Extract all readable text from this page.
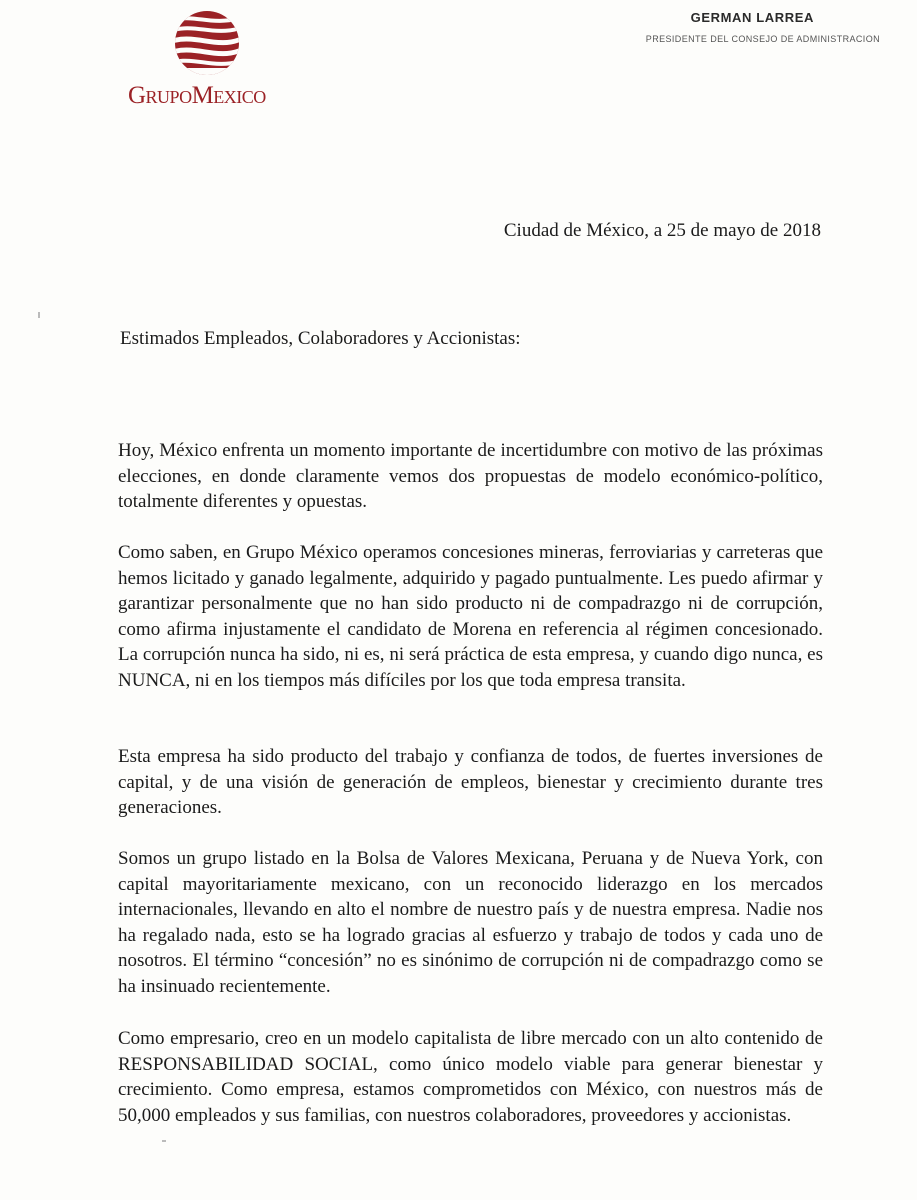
GrupoMexico
GERMAN LARREA
PRESIDENTE DEL CONSEJO DE ADMINISTRACION
Ciudad de México, a 25 de mayo de 2018
Estimados Empleados, Colaboradores y Accionistas:

Hoy, México enfrenta un momento importante de incertidumbre con motivo de las próximas elecciones, en donde claramente vemos dos propuestas de modelo económico-político, totalmente diferentes y opuestas.

Como saben, en Grupo México operamos concesiones mineras, ferroviarias y carreteras que hemos licitado y ganado legalmente, adquirido y pagado puntualmente. Les puedo afirmar y garantizar personalmente que no han sido producto ni de compadrazgo ni de corrupción, como afirma injustamente el candidato de Morena en referencia al régimen concesionado. La corrupción nunca ha sido, ni es, ni será práctica de esta empresa, y cuando digo nunca, es NUNCA, ni en los tiempos más difíciles por los que toda empresa transita.

Esta empresa ha sido producto del trabajo y confianza de todos, de fuertes inversiones de capital, y de una visión de generación de empleos, bienestar y crecimiento durante tres generaciones.

Somos un grupo listado en la Bolsa de Valores Mexicana, Peruana y de Nueva York, con capital mayoritariamente mexicano, con un reconocido liderazgo en los mercados internacionales, llevando en alto el nombre de nuestro país y de nuestra empresa. Nadie nos ha regalado nada, esto se ha logrado gracias al esfuerzo y trabajo de todos y cada uno de nosotros. El término “concesión” no es sinónimo de corrupción ni de compadrazgo como se ha insinuado recientemente.

Como empresario, creo en un modelo capitalista de libre mercado con un alto contenido de RESPONSABILIDAD SOCIAL, como único modelo viable para generar bienestar y crecimiento. Como empresa, estamos comprometidos con México, con nuestros más de 50,000 empleados y sus familias, con nuestros colaboradores, proveedores y accionistas.
